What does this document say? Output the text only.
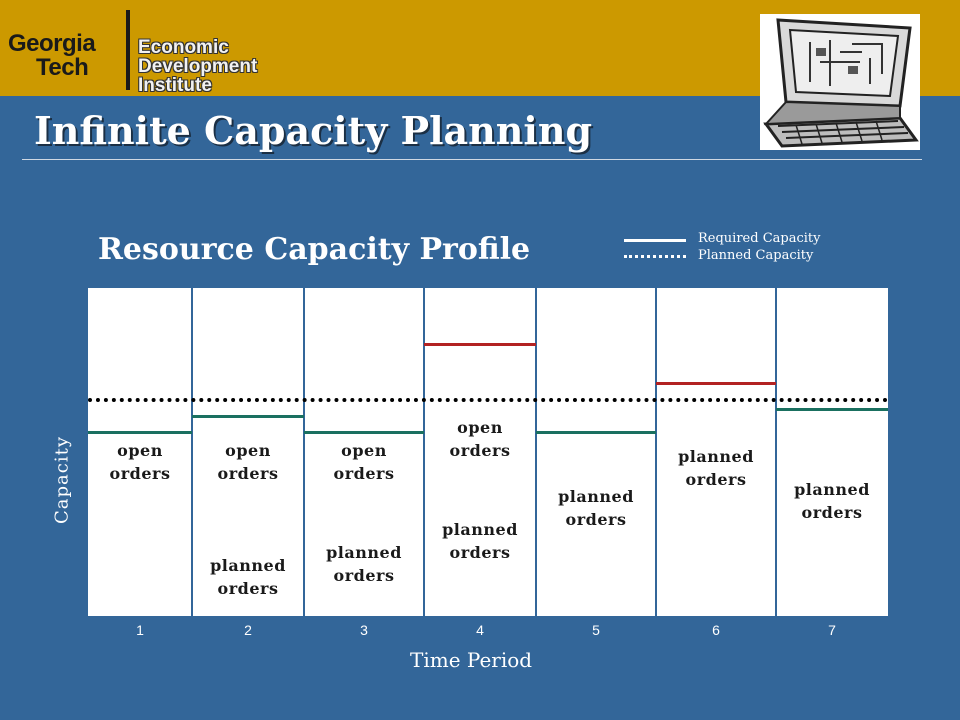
Georgia
Tech
Economic
Development
Institute
Infinite Capacity Planning
Resource Capacity Profile	Required Capacity
Planned Capacity
open
orders
open
orders
planned
orders
open
orders
planned
orders
open
orders
planned
orders
planned
orders
planned
orders
planned
orders
1	2	3	4	5	6	7
Time Period
Capacity
